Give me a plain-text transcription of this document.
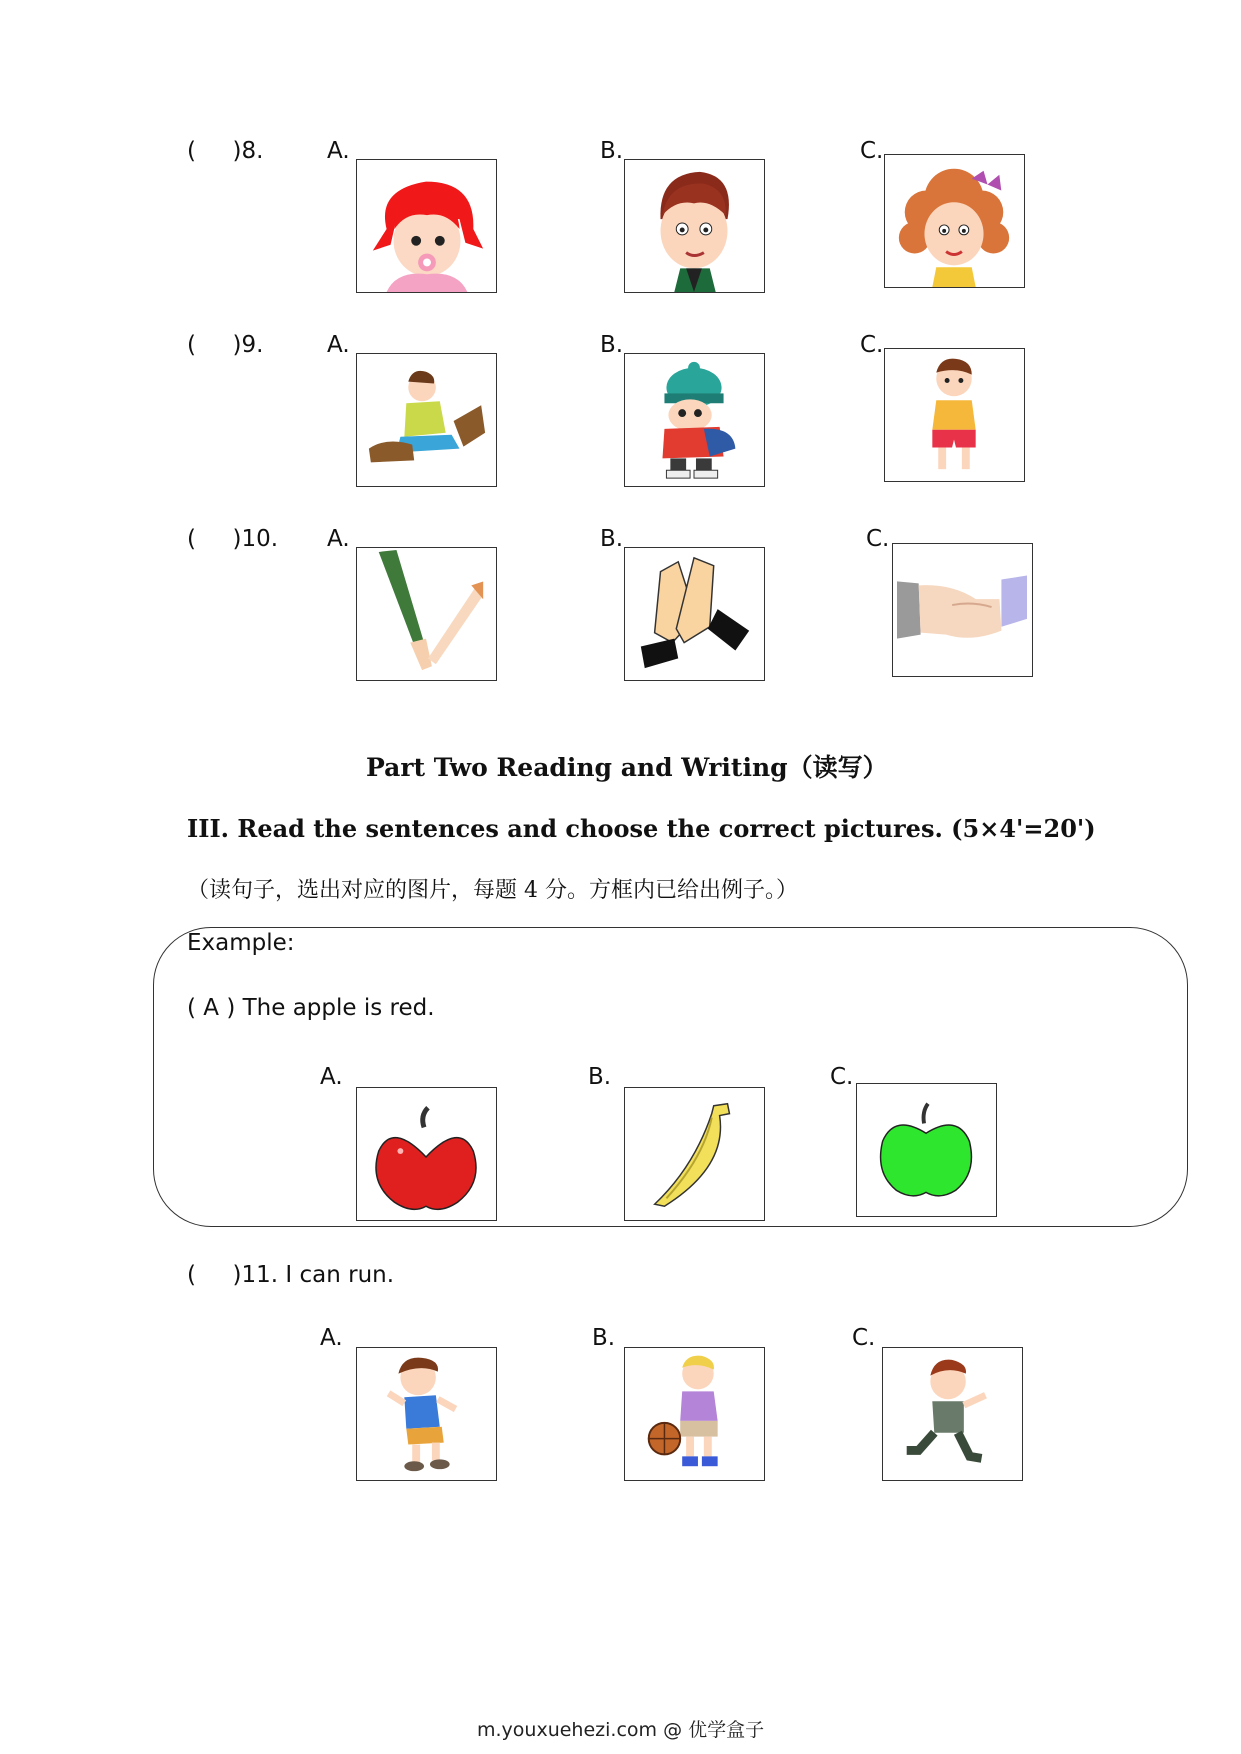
(     )8.	A.	B.	C.
(     )9.	A.	B.	C.
(     )10. A.	B.	C.
Part Two Reading and Writing（读写）
III. Read the sentences and choose the correct pictures. (5×4'=20')
（读句子，选出对应的图片，每题 4 分。方框内已给出例子。）
Example:
( A ) The apple is red.
A.	B.	C.
(     )11. I can run.
A.	B.	C.
m.youxuehezi.com @ 优学盒子
